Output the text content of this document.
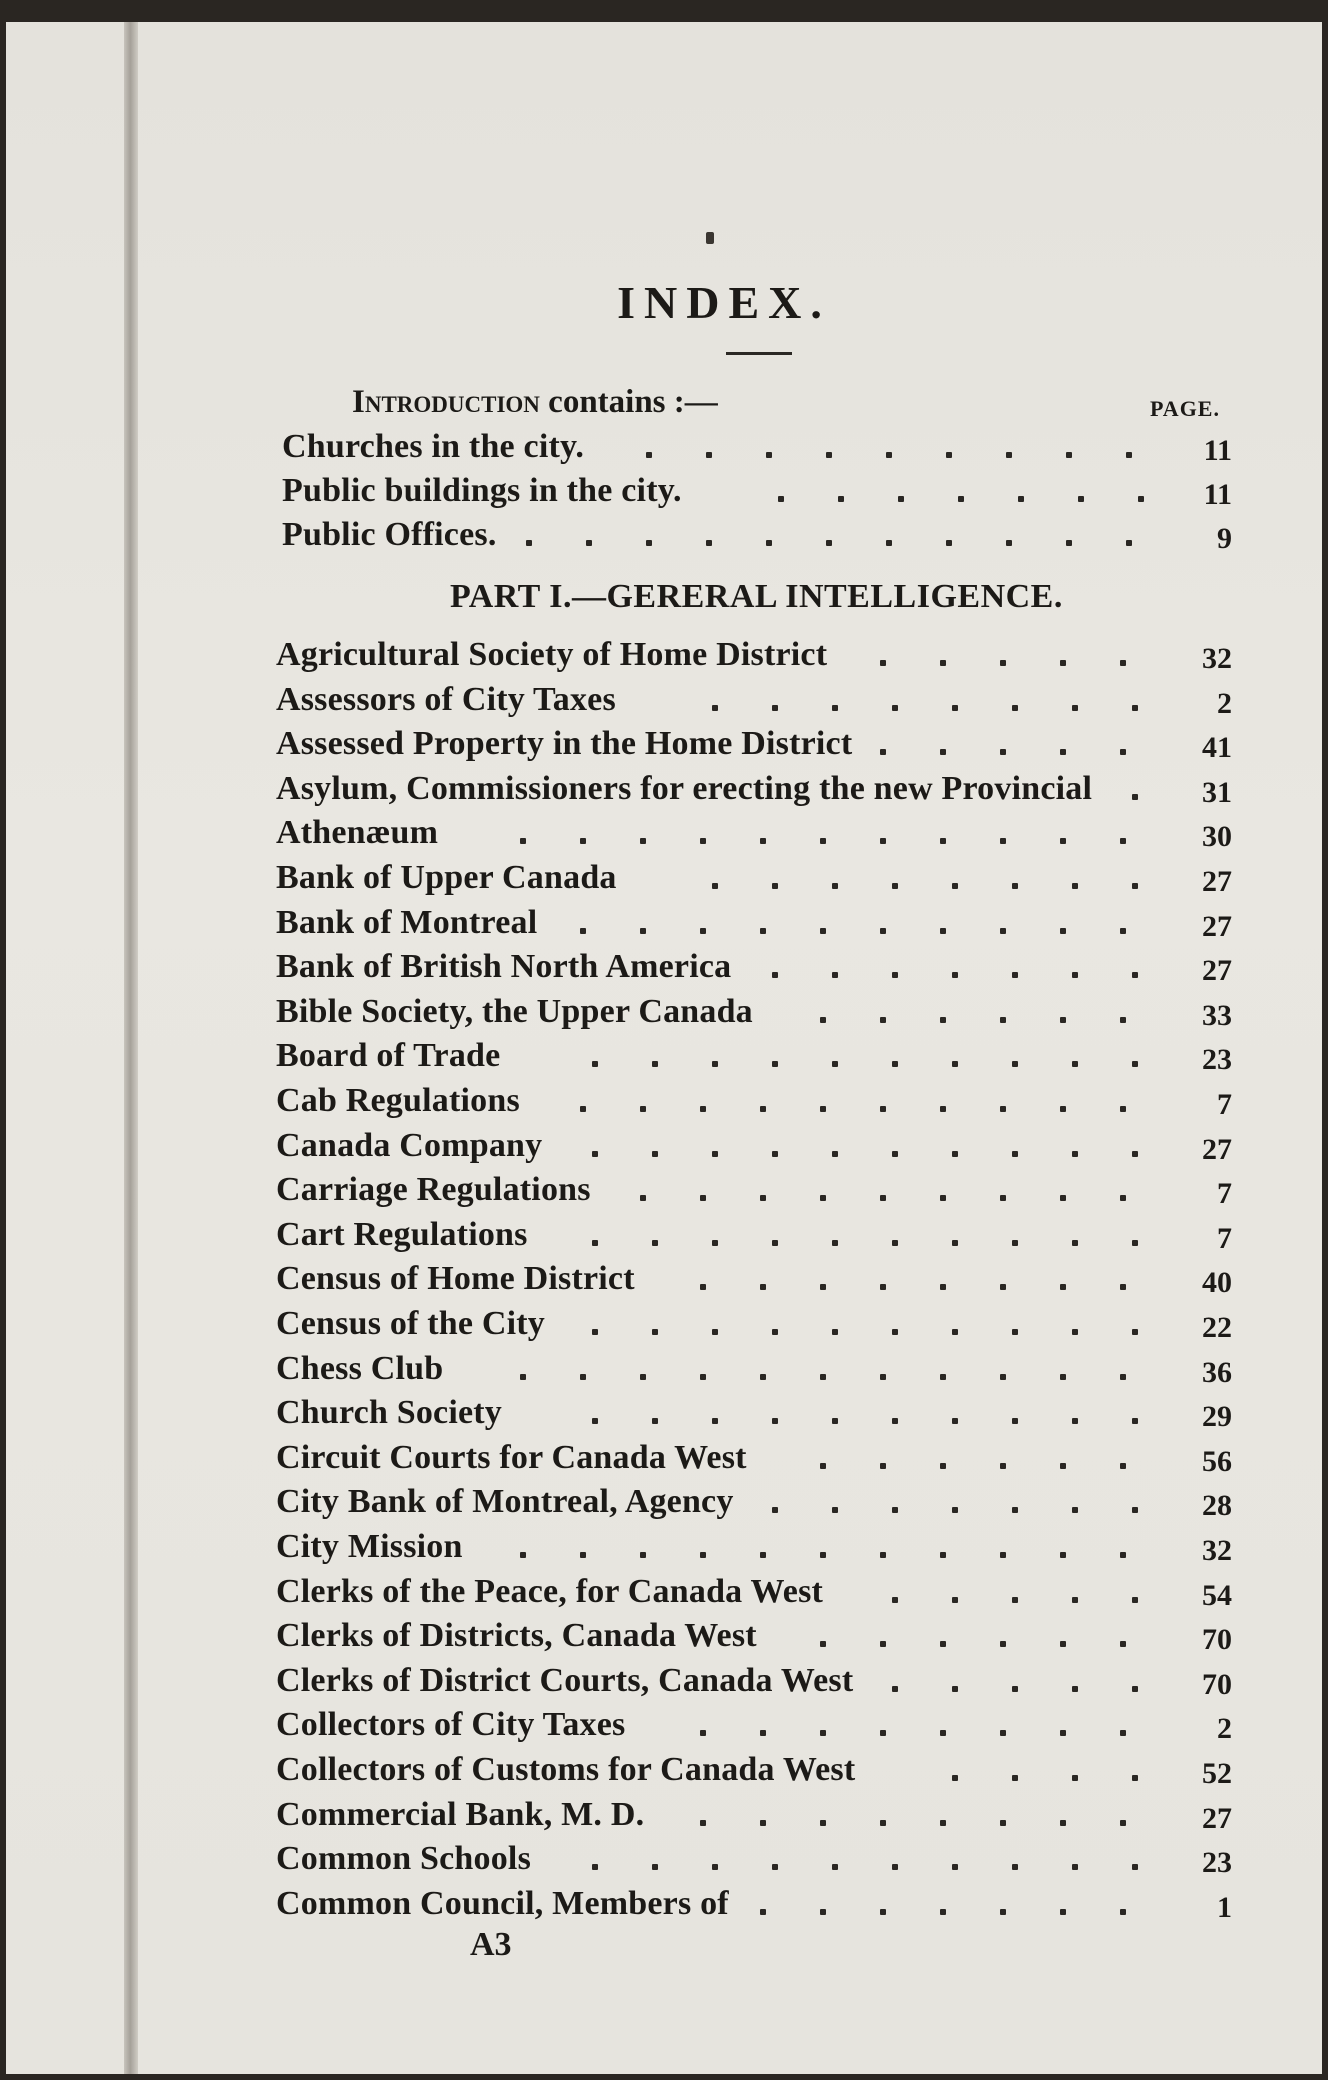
INDEX.
Introduction contains :—	PAGE.
Churches in the city.	11
Public buildings in the city.	11
Public Offices.	9
PART I.—GERERAL INTELLIGENCE.
Agricultural Society of Home District	32
Assessors of City Taxes	2
Assessed Property in the Home District	41
Asylum, Commissioners for erecting the new Provincial	31
Athenæum	30
Bank of Upper Canada	27
Bank of Montreal	27
Bank of British North America	27
Bible Society, the Upper Canada	33
Board of Trade	23
Cab Regulations	7
Canada Company	27
Carriage Regulations	7
Cart Regulations	7
Census of Home District	40
Census of the City	22
Chess Club	36
Church Society	29
Circuit Courts for Canada West	56
City Bank of Montreal, Agency	28
City Mission	32
Clerks of the Peace, for Canada West	54
Clerks of Districts, Canada West	70
Clerks of District Courts, Canada West	70
Collectors of City Taxes	2
Collectors of Customs for Canada West	52
Commercial Bank, M. D.	27
Common Schools	23
Common Council, Members of	1
A3
